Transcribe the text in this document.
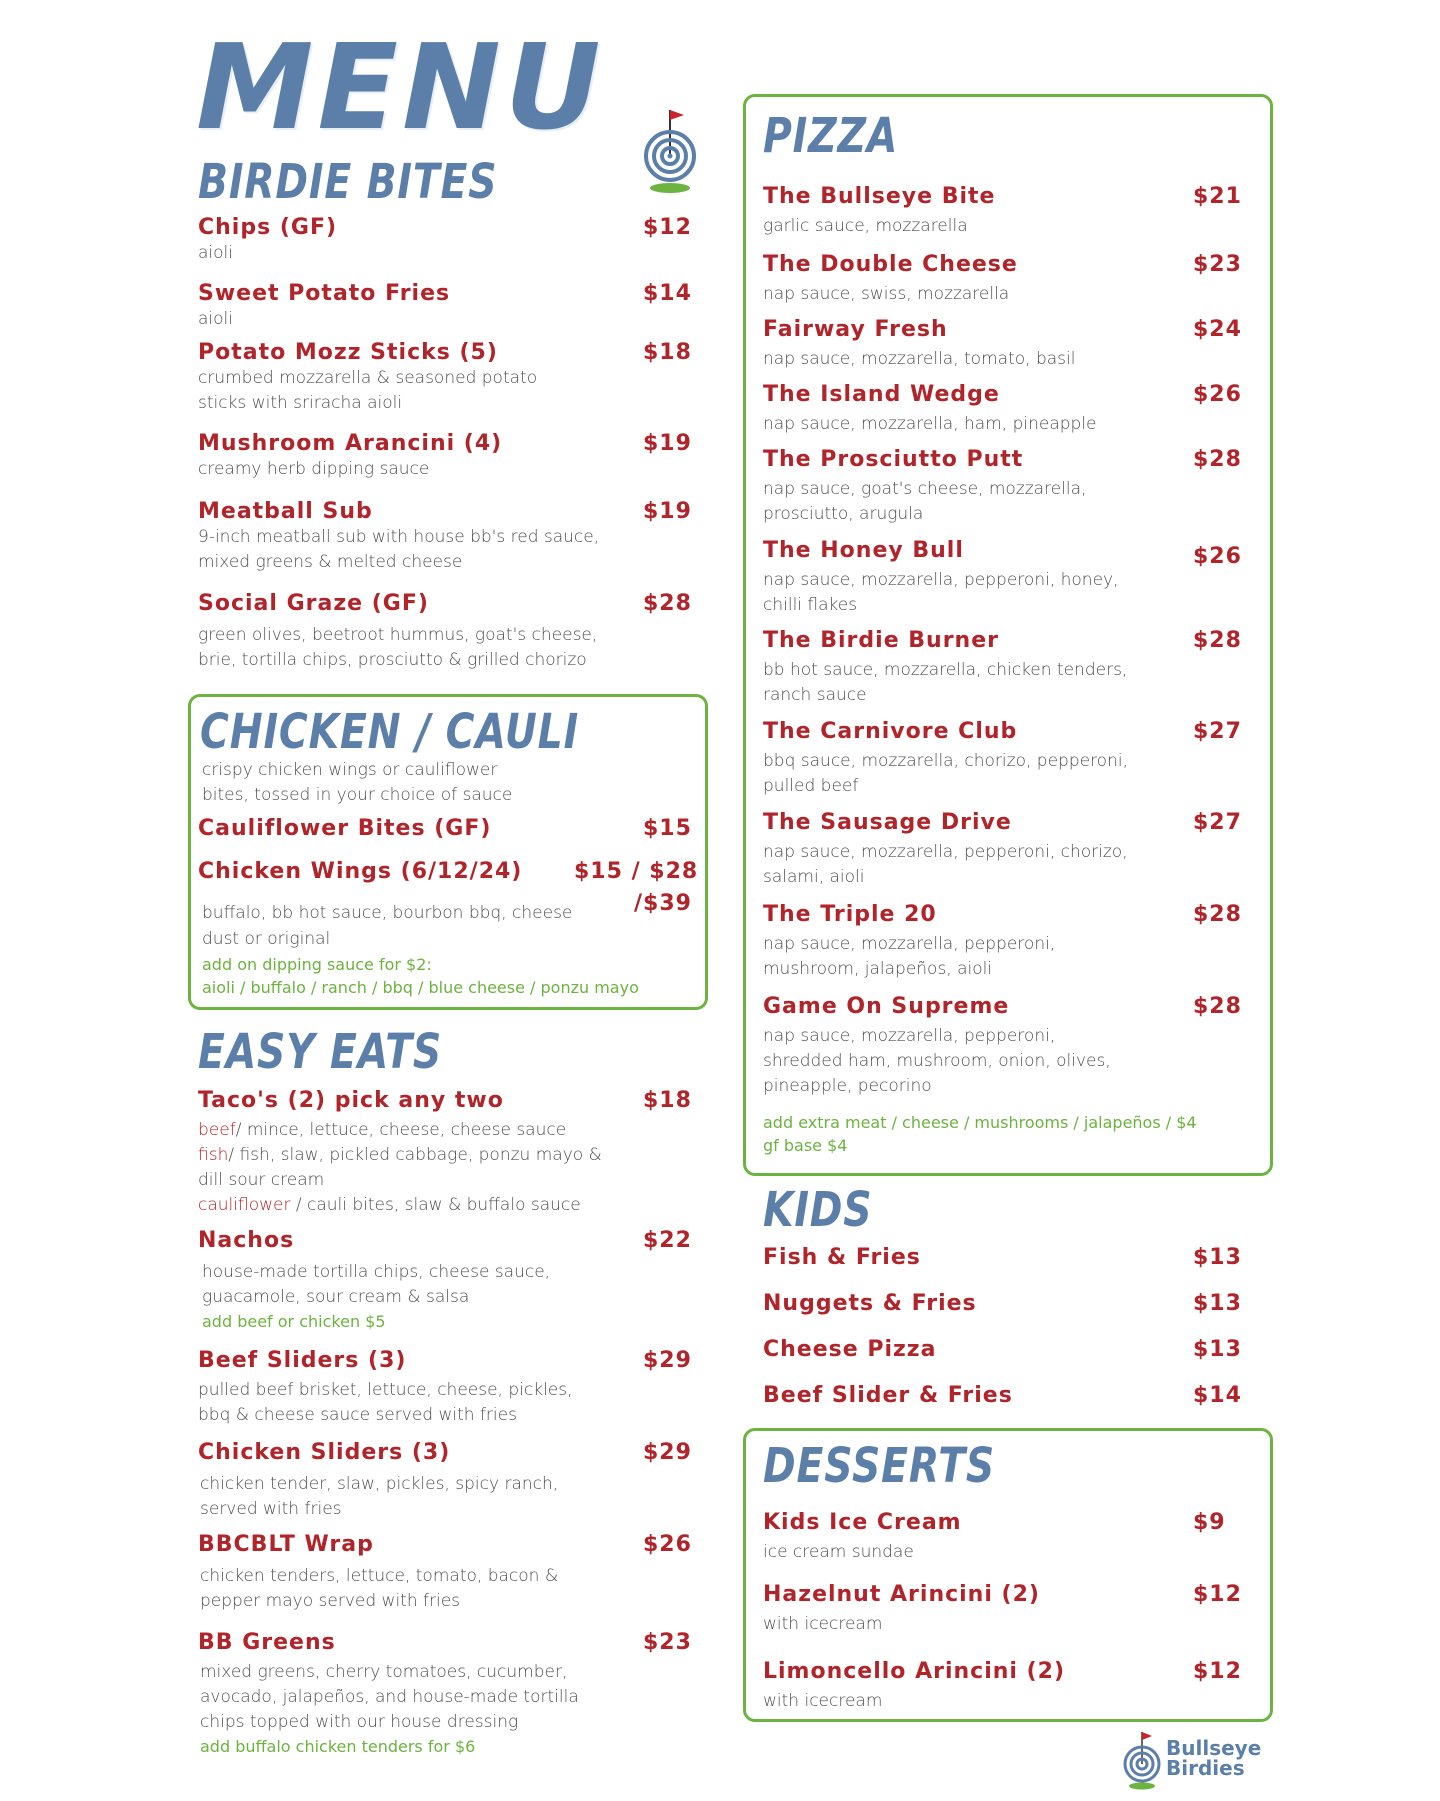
MENU
BIRDIE BITES
Chips (GF)	$12
aioli
Sweet Potato Fries	$14
aioli
Potato Mozz Sticks (5)	$18
crumbed mozzarella & seasoned potato
sticks with sriracha aioli
Mushroom Arancini (4)	$19
creamy herb dipping sauce
Meatball Sub	$19
9-inch meatball sub with house bb's red sauce,
mixed greens & melted cheese
Social Graze (GF)	$28
green olives, beetroot hummus, goat's cheese,
brie, tortilla chips, prosciutto & grilled chorizo
CHICKEN / CAULI
crispy chicken wings or cauliflower
bites, tossed in your choice of sauce
Cauliflower Bites (GF)	$15
Chicken Wings (6/12/24)	$15 / $28
/$39
buffalo, bb hot sauce, bourbon bbq, cheese
dust or original
add on dipping sauce for $2:
aioli / buffalo / ranch / bbq / blue cheese / ponzu mayo
EASY EATS
Taco's (2) pick any two	$18
beef/ mince, lettuce, cheese, cheese sauce
fish/ fish, slaw, pickled cabbage, ponzu mayo &
dill sour cream
cauliflower / cauli bites, slaw & buffalo sauce
Nachos	$22
house-made tortilla chips, cheese sauce,
guacamole, sour cream & salsa
add beef or chicken $5
Beef Sliders (3)	$29
pulled beef brisket, lettuce, cheese, pickles,
bbq & cheese sauce served with fries
Chicken Sliders (3)	$29
chicken tender, slaw, pickles, spicy ranch,
served with fries
BBCBLT Wrap	$26
chicken tenders, lettuce, tomato, bacon &
pepper mayo served with fries
BB Greens	$23
mixed greens, cherry tomatoes, cucumber,
avocado, jalapeños, and house-made tortilla
chips topped with our house dressing
add buffalo chicken tenders for $6
PIZZA
The Bullseye Bite	$21
garlic sauce, mozzarella
The Double Cheese	$23
nap sauce, swiss, mozzarella
Fairway Fresh	$24
nap sauce, mozzarella, tomato, basil
The Island Wedge	$26
nap sauce, mozzarella, ham, pineapple
The Prosciutto Putt	$28
nap sauce, goat's cheese, mozzarella,
prosciutto, arugula
The Honey Bull	$26
nap sauce, mozzarella, pepperoni, honey,
chilli flakes
The Birdie Burner	$28
bb hot sauce, mozzarella, chicken tenders,
ranch sauce
The Carnivore Club	$27
bbq sauce, mozzarella, chorizo, pepperoni,
pulled beef
The Sausage Drive	$27
nap sauce, mozzarella, pepperoni, chorizo,
salami, aioli
The Triple 20	$28
nap sauce, mozzarella, pepperoni,
mushroom, jalapeños, aioli
Game On Supreme	$28
nap sauce, mozzarella, pepperoni,
shredded ham, mushroom, onion, olives,
pineapple, pecorino
add extra meat / cheese / mushrooms / jalapeños / $4
gf base $4
KIDS
Fish & Fries	$13
Nuggets & Fries	$13
Cheese Pizza	$13
Beef Slider & Fries	$14
DESSERTS
Kids Ice Cream	$9
ice cream sundae
Hazelnut Arincini (2)	$12
with icecream
Limoncello Arincini (2)	$12
with icecream
Bullseye
Birdies
